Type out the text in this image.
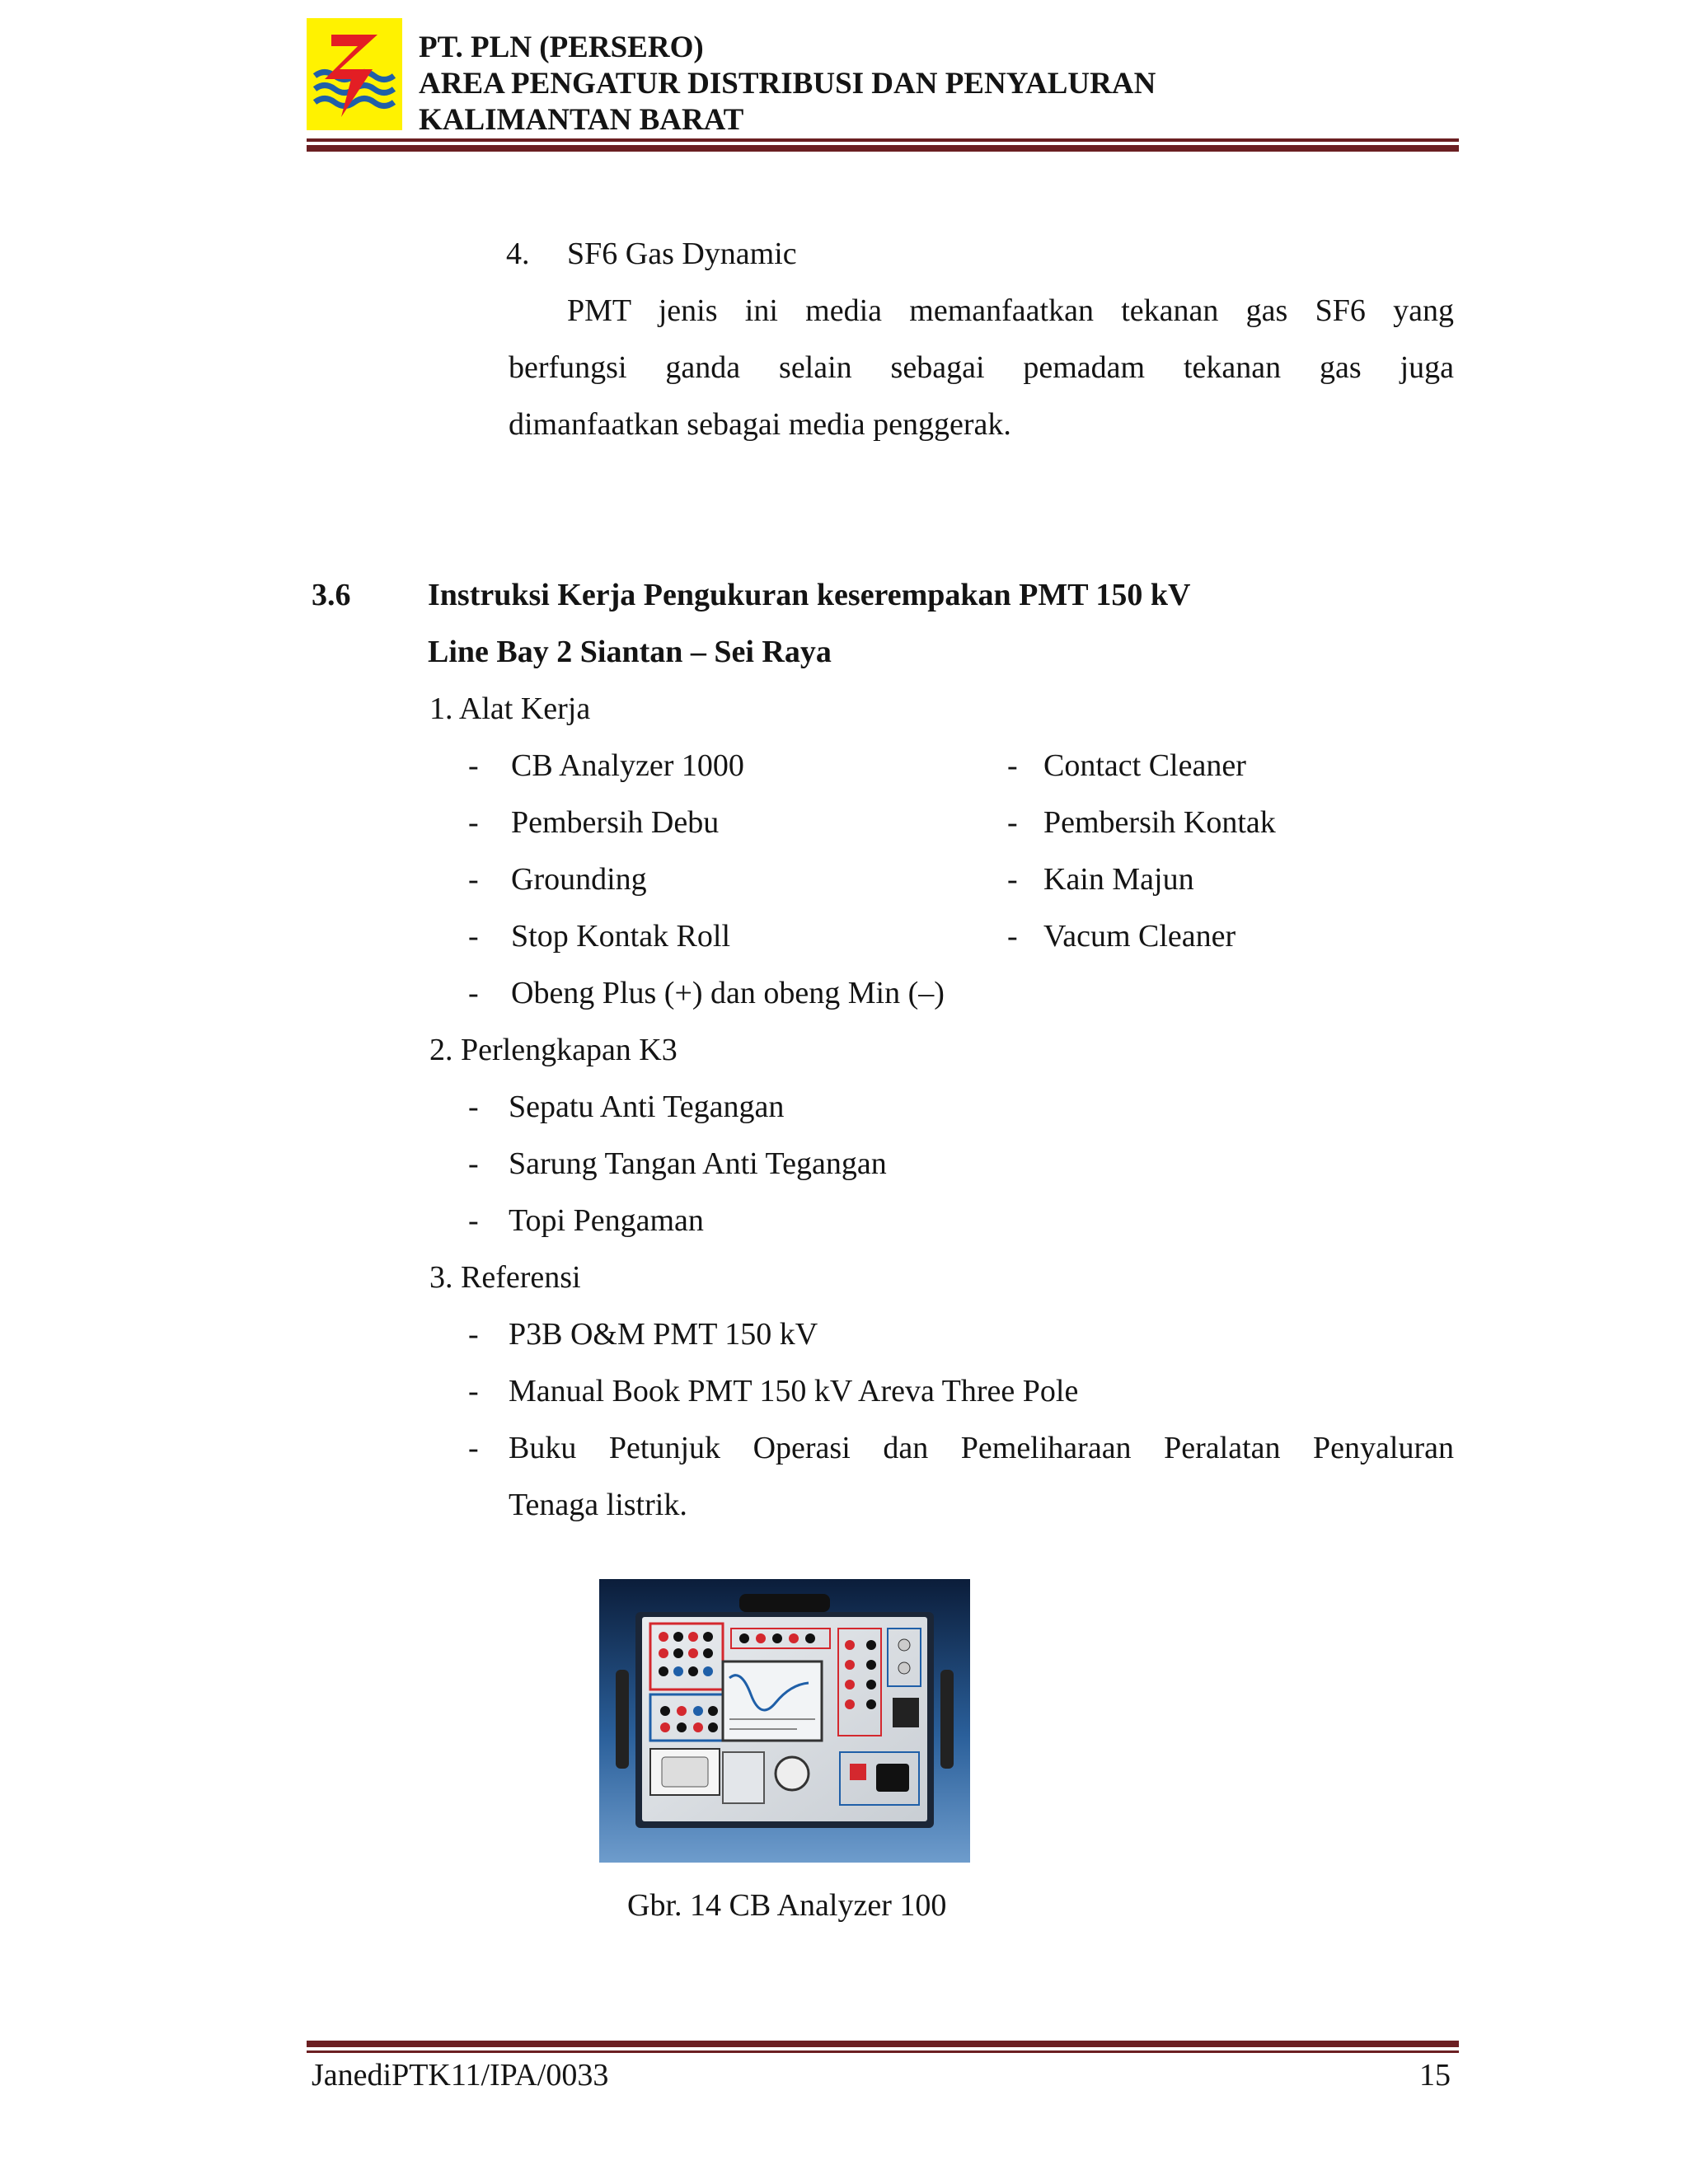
PT. PLN (PERSERO)
AREA PENGATUR DISTRIBUSI DAN PENYALURAN
KALIMANTAN BARAT
4. SF6 Gas Dynamic
PMT jenis ini media memanfaatkan tekanan gas SF6 yang
berfungsi ganda selain sebagai pemadam tekanan gas juga
dimanfaatkan sebagai media penggerak.
3.6 Instruksi Kerja Pengukuran keserempakan PMT 150 kV
Line Bay 2 Siantan – Sei Raya
1. Alat Kerja
- CB Analyzer 1000	- Contact Cleaner
- Pembersih Debu	- Pembersih Kontak
- Grounding	- Kain Majun
- Stop Kontak Roll	- Vacum Cleaner
- Obeng Plus (+) dan obeng Min (–)
2. Perlengkapan K3
- Sepatu Anti Tegangan
- Sarung Tangan Anti Tegangan
- Topi Pengaman
3. Referensi
- P3B O&M PMT 150 kV
- Manual Book PMT 150 kV Areva Three Pole
- Buku Petunjuk Operasi dan Pemeliharaan Peralatan Penyaluran
Tenaga listrik.
Gbr. 14 CB Analyzer 100
JanediPTK11/IPA/0033	15
